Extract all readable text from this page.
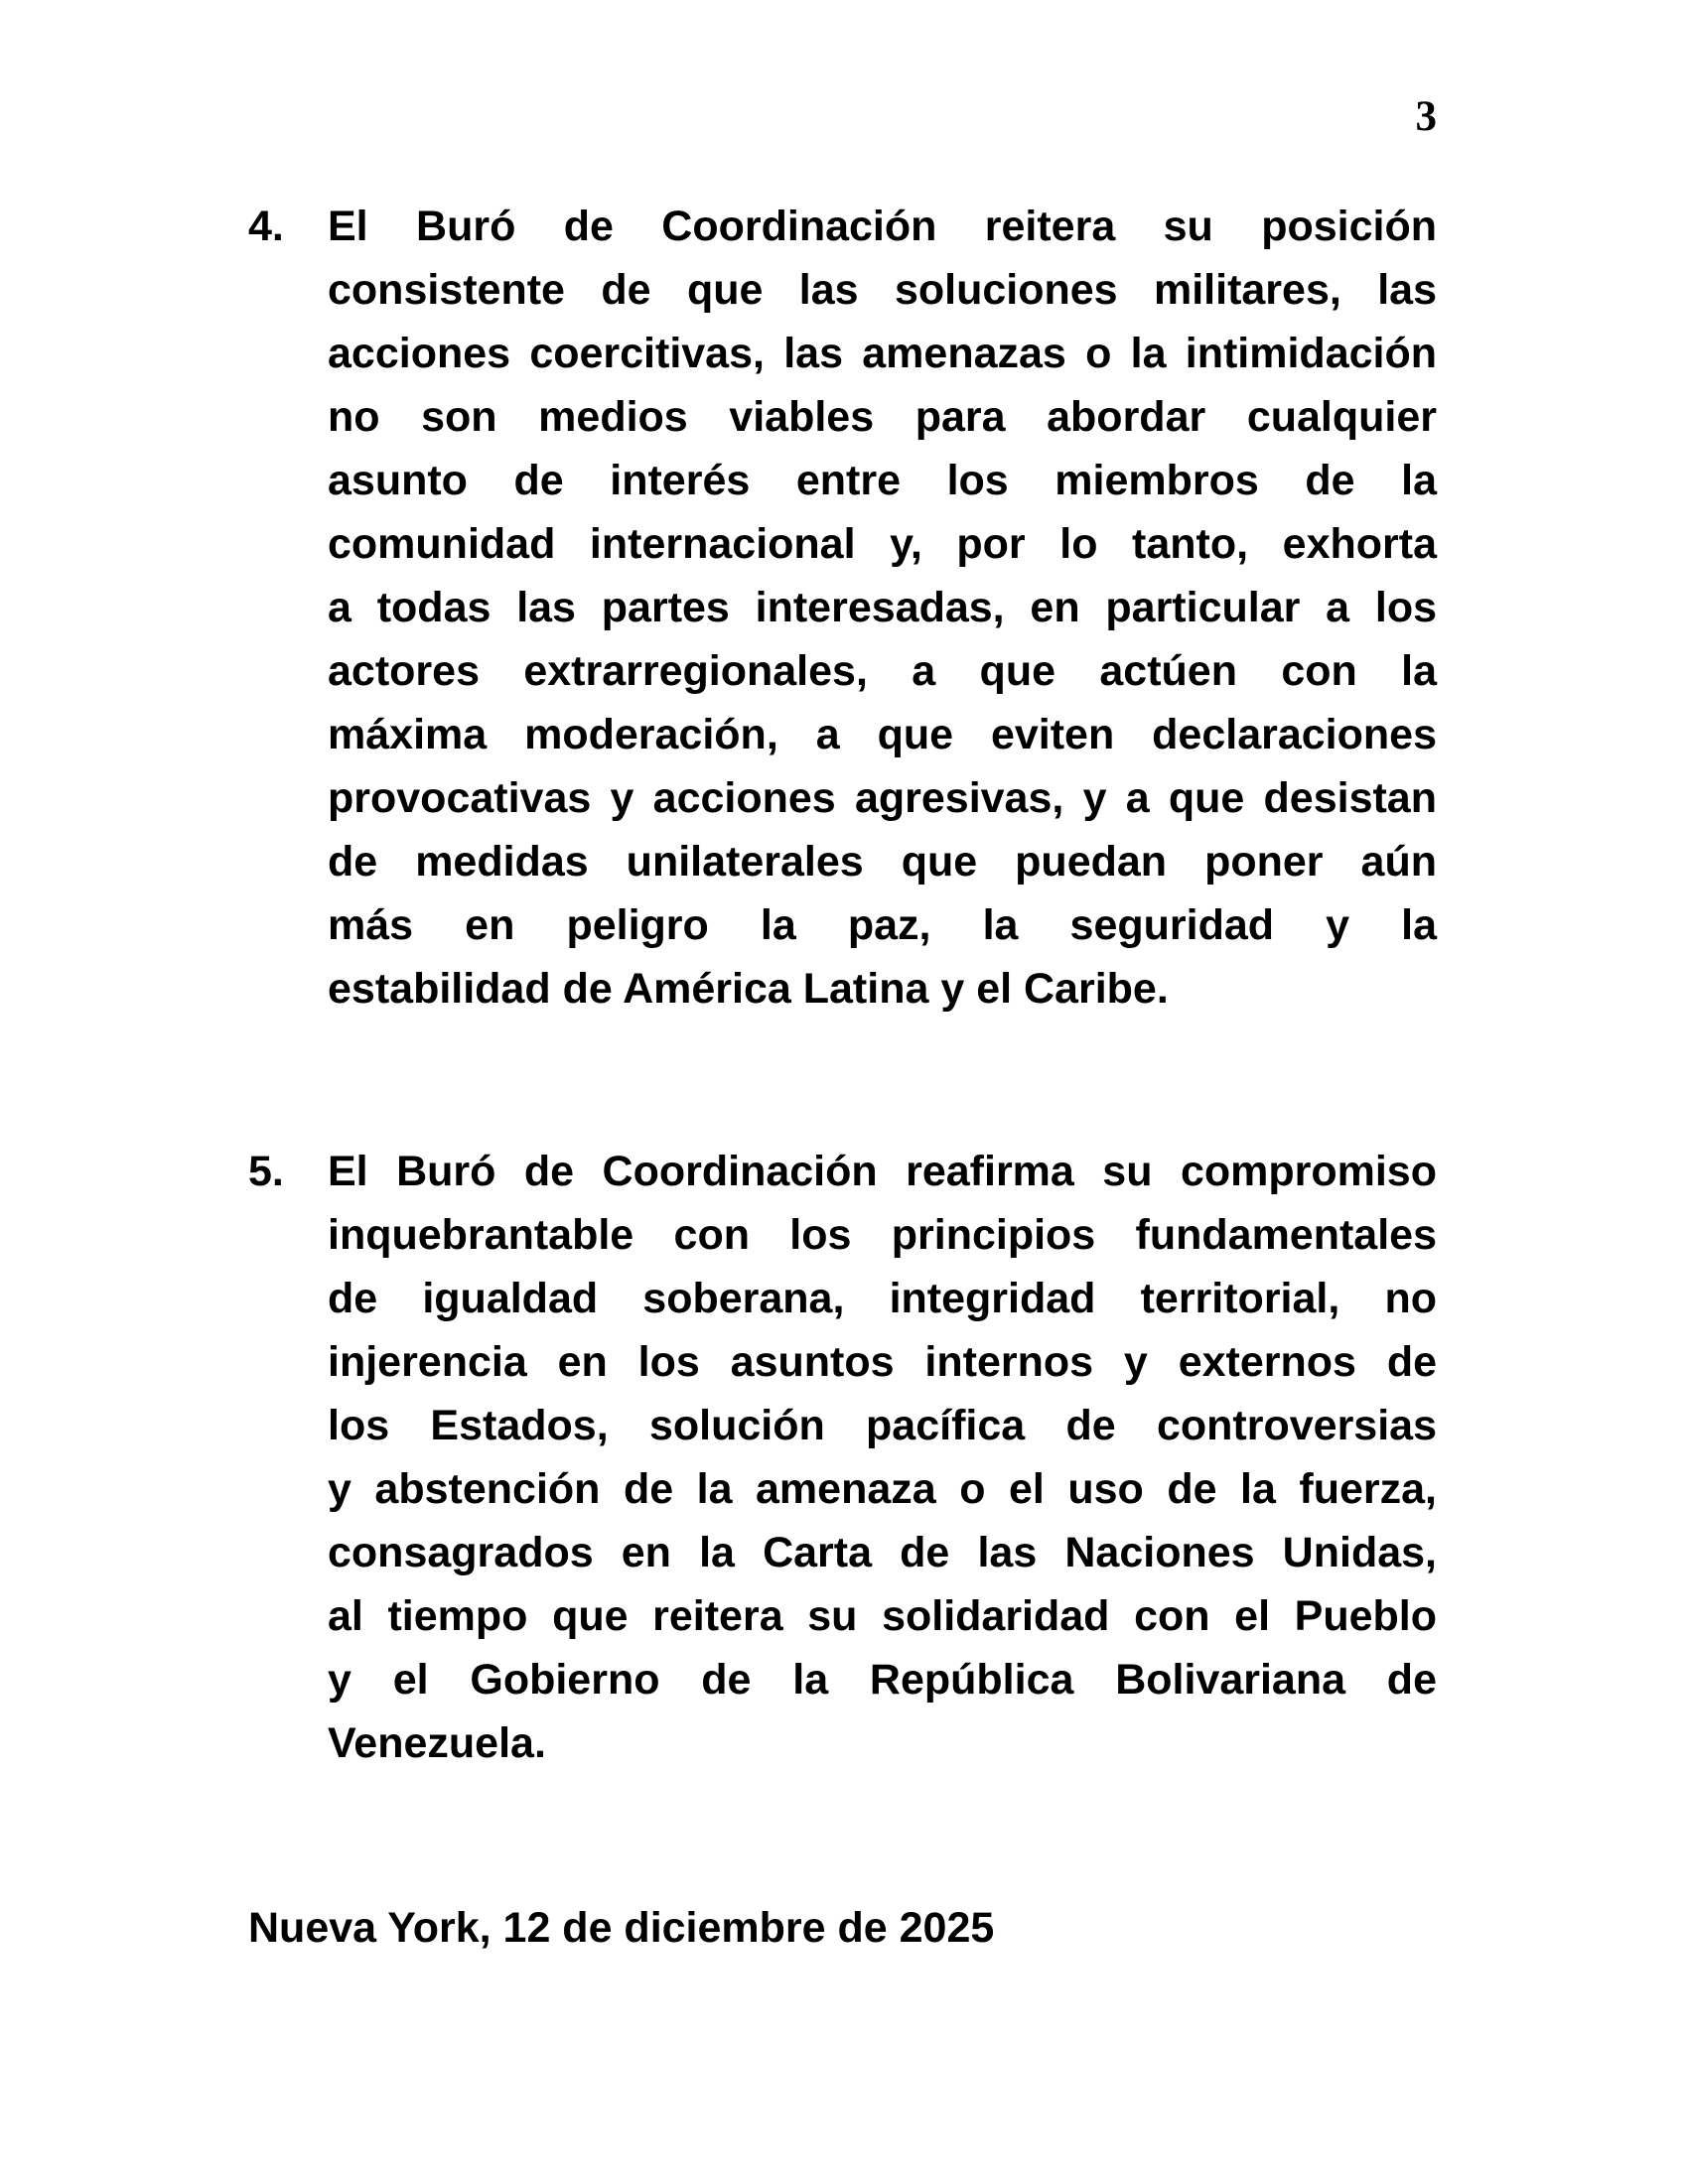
3
4.	El Buró de Coordinación reitera su posición
consistente de que las soluciones militares, las
acciones coercitivas, las amenazas o la intimidación
no son medios viables para abordar cualquier
asunto de interés entre los miembros de la
comunidad internacional y, por lo tanto, exhorta
a todas las partes interesadas, en particular a los
actores extrarregionales, a que actúen con la
máxima moderación, a que eviten declaraciones
provocativas y acciones agresivas, y a que desistan
de medidas unilaterales que puedan poner aún
más en peligro la paz, la seguridad y la
estabilidad de América Latina y el Caribe.
5.	El Buró de Coordinación reafirma su compromiso
inquebrantable con los principios fundamentales
de igualdad soberana, integridad territorial, no
injerencia en los asuntos internos y externos de
los Estados, solución pacífica de controversias
y abstención de la amenaza o el uso de la fuerza,
consagrados en la Carta de las Naciones Unidas,
al tiempo que reitera su solidaridad con el Pueblo
y el Gobierno de la República Bolivariana de
Venezuela.
Nueva York, 12 de diciembre de 2025
